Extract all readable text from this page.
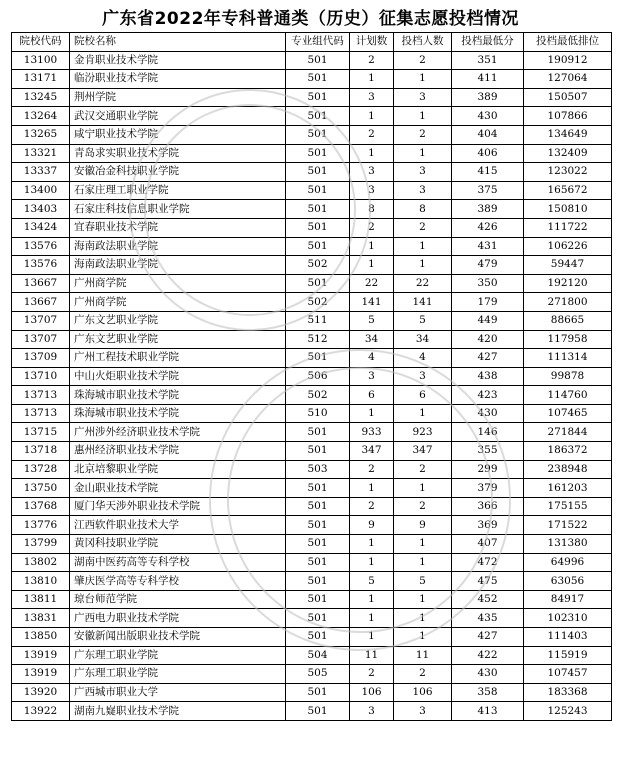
广东省2022年专科普通类（历史）征集志愿投档情况
院校代码	院校名称	专业组代码	计划数	投档人数	投档最低分	投档最低排位
13100	金肯职业技术学院	501	2	2	351	190912
13171	临汾职业技术学院	501	1	1	411	127064
13245	荆州学院	501	3	3	389	150507
13264	武汉交通职业学院	501	1	1	430	107866
13265	咸宁职业技术学院	501	2	2	404	134649
13321	青岛求实职业技术学院	501	1	1	406	132409
13337	安徽冶金科技职业学院	501	3	3	415	123022
13400	石家庄理工职业学院	501	3	3	375	165672
13403	石家庄科技信息职业学院	501	8	8	389	150810
13424	宜春职业技术学院	501	2	2	426	111722
13576	海南政法职业学院	501	1	1	431	106226
13576	海南政法职业学院	502	1	1	479	59447
13667	广州商学院	501	22	22	350	192120
13667	广州商学院	502	141	141	179	271800
13707	广东文艺职业学院	511	5	5	449	88665
13707	广东文艺职业学院	512	34	34	420	117958
13709	广州工程技术职业学院	501	4	4	427	111314
13710	中山火炬职业技术学院	506	3	3	438	99878
13713	珠海城市职业技术学院	502	6	6	423	114760
13713	珠海城市职业技术学院	510	1	1	430	107465
13715	广州涉外经济职业技术学院	501	933	923	146	271844
13718	惠州经济职业技术学院	501	347	347	355	186372
13728	北京培黎职业学院	503	2	2	299	238948
13750	金山职业技术学院	501	1	1	379	161203
13768	厦门华天涉外职业技术学院	501	2	2	366	175155
13776	江西软件职业技术大学	501	9	9	369	171522
13799	黄冈科技职业学院	501	1	1	407	131380
13802	湖南中医药高等专科学校	501	1	1	472	64996
13810	肇庆医学高等专科学校	501	5	5	475	63056
13811	琼台师范学院	501	1	1	452	84917
13831	广西电力职业技术学院	501	1	1	435	102310
13850	安徽新闻出版职业技术学院	501	1	1	427	111403
13919	广东理工职业学院	504	11	11	422	115919
13919	广东理工职业学院	505	2	2	430	107457
13920	广西城市职业大学	501	106	106	358	183368
13922	湖南九嶷职业技术学院	501	3	3	413	125243
